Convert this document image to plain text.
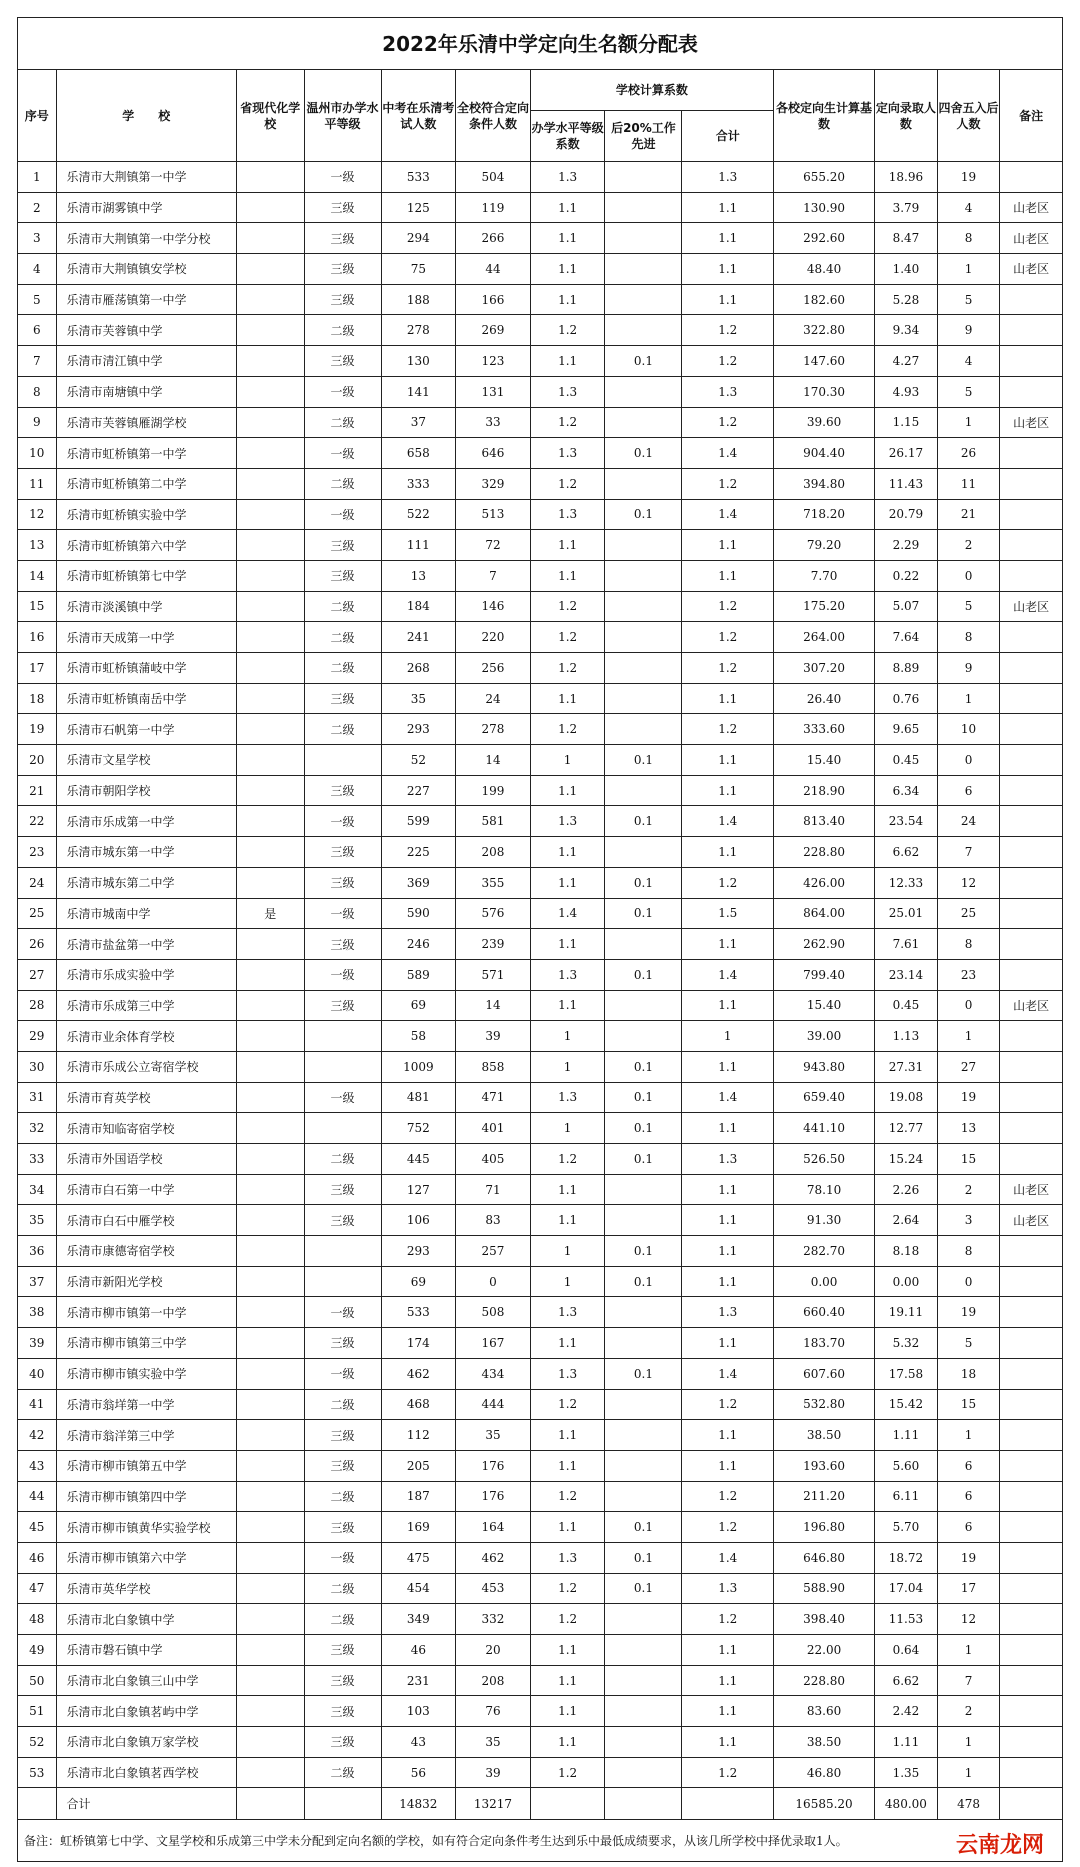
2022年乐清中学定向生名额分配表
序号	学　　校	省现代化学校	温州市办学水平等级	中考在乐清考试人数	全校符合定向条件人数	学校计算系数			各校定向生计算基数	定向录取人数	四舍五入后人数	备注
						办学水平等级系数	后20%工作先进	合计				
1	乐清市大荆镇第一中学		一级	533	504	1.3		1.3	655.20	18.96	19	
2	乐清市湖雾镇中学		三级	125	119	1.1		1.1	130.90	3.79	4	山老区
3	乐清市大荆镇第一中学分校		三级	294	266	1.1		1.1	292.60	8.47	8	山老区
4	乐清市大荆镇镇安学校		三级	75	44	1.1		1.1	48.40	1.40	1	山老区
5	乐清市雁荡镇第一中学		三级	188	166	1.1		1.1	182.60	5.28	5	
6	乐清市芙蓉镇中学		二级	278	269	1.2		1.2	322.80	9.34	9	
7	乐清市清江镇中学		三级	130	123	1.1	0.1	1.2	147.60	4.27	4	
8	乐清市南塘镇中学		一级	141	131	1.3		1.3	170.30	4.93	5	
9	乐清市芙蓉镇雁湖学校		二级	37	33	1.2		1.2	39.60	1.15	1	山老区
10	乐清市虹桥镇第一中学		一级	658	646	1.3	0.1	1.4	904.40	26.17	26	
11	乐清市虹桥镇第二中学		二级	333	329	1.2		1.2	394.80	11.43	11	
12	乐清市虹桥镇实验中学		一级	522	513	1.3	0.1	1.4	718.20	20.79	21	
13	乐清市虹桥镇第六中学		三级	111	72	1.1		1.1	79.20	2.29	2	
14	乐清市虹桥镇第七中学		三级	13	7	1.1		1.1	7.70	0.22	0	
15	乐清市淡溪镇中学		二级	184	146	1.2		1.2	175.20	5.07	5	山老区
16	乐清市天成第一中学		二级	241	220	1.2		1.2	264.00	7.64	8	
17	乐清市虹桥镇蒲岐中学		二级	268	256	1.2		1.2	307.20	8.89	9	
18	乐清市虹桥镇南岳中学		三级	35	24	1.1		1.1	26.40	0.76	1	
19	乐清市石帆第一中学		二级	293	278	1.2		1.2	333.60	9.65	10	
20	乐清市文星学校			52	14	1	0.1	1.1	15.40	0.45	0	
21	乐清市朝阳学校		三级	227	199	1.1		1.1	218.90	6.34	6	
22	乐清市乐成第一中学		一级	599	581	1.3	0.1	1.4	813.40	23.54	24	
23	乐清市城东第一中学		三级	225	208	1.1		1.1	228.80	6.62	7	
24	乐清市城东第二中学		三级	369	355	1.1	0.1	1.2	426.00	12.33	12	
25	乐清市城南中学	是	一级	590	576	1.4	0.1	1.5	864.00	25.01	25	
26	乐清市盐盆第一中学		三级	246	239	1.1		1.1	262.90	7.61	8	
27	乐清市乐成实验中学		一级	589	571	1.3	0.1	1.4	799.40	23.14	23	
28	乐清市乐成第三中学		三级	69	14	1.1		1.1	15.40	0.45	0	山老区
29	乐清市业余体育学校			58	39	1		1	39.00	1.13	1	
30	乐清市乐成公立寄宿学校			1009	858	1	0.1	1.1	943.80	27.31	27	
31	乐清市育英学校		一级	481	471	1.3	0.1	1.4	659.40	19.08	19	
32	乐清市知临寄宿学校			752	401	1	0.1	1.1	441.10	12.77	13	
33	乐清市外国语学校		二级	445	405	1.2	0.1	1.3	526.50	15.24	15	
34	乐清市白石第一中学		三级	127	71	1.1		1.1	78.10	2.26	2	山老区
35	乐清市白石中雁学校		三级	106	83	1.1		1.1	91.30	2.64	3	山老区
36	乐清市康德寄宿学校			293	257	1	0.1	1.1	282.70	8.18	8	
37	乐清市新阳光学校			69	0	1	0.1	1.1	0.00	0.00	0	
38	乐清市柳市镇第一中学		一级	533	508	1.3		1.3	660.40	19.11	19	
39	乐清市柳市镇第三中学		三级	174	167	1.1		1.1	183.70	5.32	5	
40	乐清市柳市镇实验中学		一级	462	434	1.3	0.1	1.4	607.60	17.58	18	
41	乐清市翁垟第一中学		二级	468	444	1.2		1.2	532.80	15.42	15	
42	乐清市翁洋第三中学		三级	112	35	1.1		1.1	38.50	1.11	1	
43	乐清市柳市镇第五中学		三级	205	176	1.1		1.1	193.60	5.60	6	
44	乐清市柳市镇第四中学		二级	187	176	1.2		1.2	211.20	6.11	6	
45	乐清市柳市镇黄华实验学校		三级	169	164	1.1	0.1	1.2	196.80	5.70	6	
46	乐清市柳市镇第六中学		一级	475	462	1.3	0.1	1.4	646.80	18.72	19	
47	乐清市英华学校		二级	454	453	1.2	0.1	1.3	588.90	17.04	17	
48	乐清市北白象镇中学		二级	349	332	1.2		1.2	398.40	11.53	12	
49	乐清市磐石镇中学		三级	46	20	1.1		1.1	22.00	0.64	1	
50	乐清市北白象镇三山中学		三级	231	208	1.1		1.1	228.80	6.62	7	
51	乐清市北白象镇茗屿中学		三级	103	76	1.1		1.1	83.60	2.42	2	
52	乐清市北白象镇万家学校		三级	43	35	1.1		1.1	38.50	1.11	1	
53	乐清市北白象镇茗西学校		二级	56	39	1.2		1.2	46.80	1.35	1	
	合计			14832	13217				16585.20	480.00	478	
备注：虹桥镇第七中学、文星学校和乐成第三中学未分配到定向名额的学校，如有符合定向条件考生达到乐中最低成绩要求，从该几所学校中择优录取1人。	云南龙网
